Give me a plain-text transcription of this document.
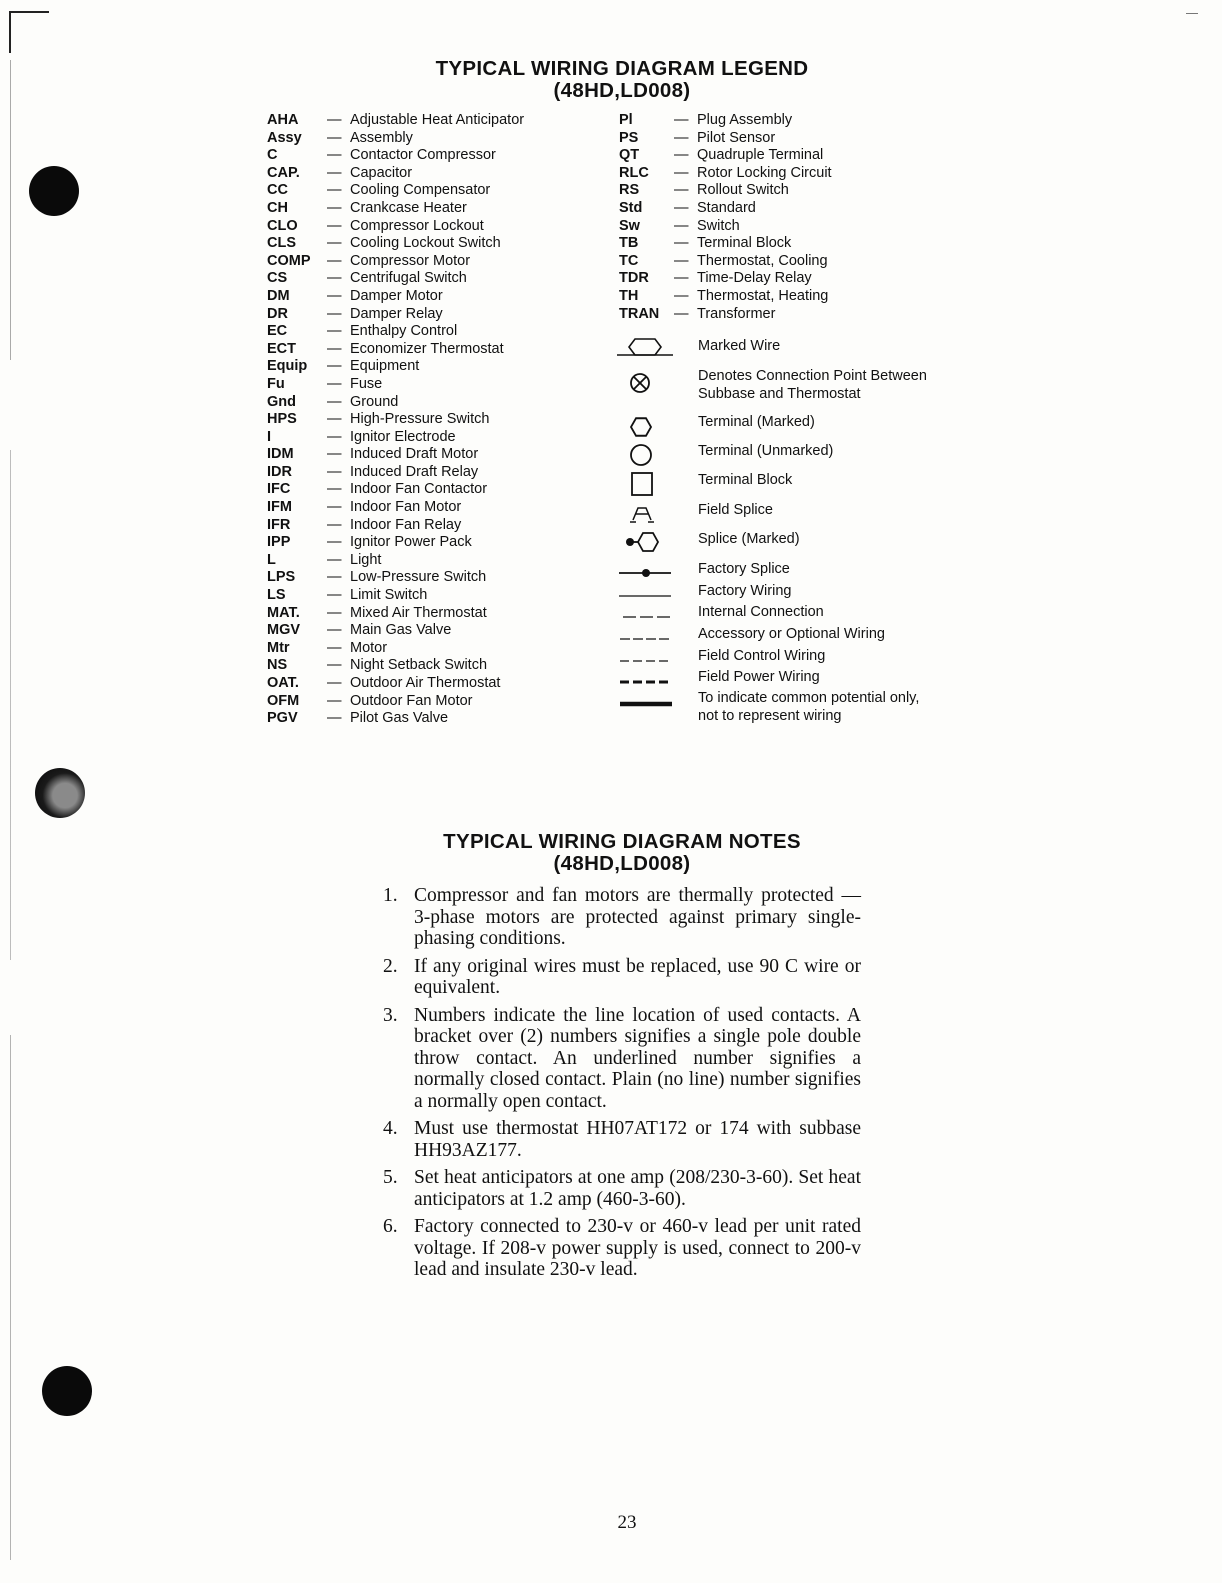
TYPICAL WIRING DIAGRAM LEGEND
(48HD,LD008)
AHA — Adjustable Heat Anticipator
Assy — Assembly
C	— Contactor Compressor
CAP. — Capacitor
CC	— Cooling Compensator
CH	— Crankcase Heater
CLO — Compressor Lockout
CLS — Cooling Lockout Switch
COMP — Compressor Motor
CS	— Centrifugal Switch
DM	— Damper Motor
DR	— Damper Relay
EC	— Enthalpy Control
ECT — Economizer Thermostat
Equip — Equipment
Fu	— Fuse
Gnd — Ground
HPS — High-Pressure Switch
I	— Ignitor Electrode
IDM — Induced Draft Motor
IDR — Induced Draft Relay
IFC	— Indoor Fan Contactor
IFM — Indoor Fan Motor
IFR	— Indoor Fan Relay
IPP	— Ignitor Power Pack
L	— Light
LPS — Low-Pressure Switch
LS	— Limit Switch
MAT. — Mixed Air Thermostat
MGV — Main Gas Valve
Mtr	— Motor
NS	— Night Setback Switch
OAT. — Outdoor Air Thermostat
OFM — Outdoor Fan Motor
PGV — Pilot Gas Valve
Pl	— Plug Assembly
PS — Pilot Sensor
QT — Quadruple Terminal
RLC — Rotor Locking Circuit
RS — Rollout Switch
Std — Standard
Sw — Switch
TB — Terminal Block
TC — Thermostat, Cooling
TDR — Time-Delay Relay
TH — Thermostat, Heating
TRAN — Transformer
Marked Wire
Denotes Connection Point Between
Subbase and Thermostat
Terminal (Marked)
Terminal (Unmarked)
Terminal Block
Field Splice
Splice (Marked)
Factory Splice
Factory Wiring
Internal Connection
Accessory or Optional Wiring
Field Control Wiring
Field Power Wiring
To indicate common potential only,
not to represent wiring
TYPICAL WIRING DIAGRAM NOTES
(48HD,LD008)
1. Compressor and fan motors are thermally protected — 3-phase motors are protected against primary single-phasing conditions.
2. If any original wires must be replaced, use 90 C wire or equivalent.
3. Numbers indicate the line location of used contacts. A bracket over (2) numbers signifies a single pole double throw contact. An underlined number signifies a normally closed contact. Plain (no line) number signifies a normally open contact.
4. Must use thermostat HH07AT172 or 174 with subbase HH93AZ177.
5. Set heat anticipators at one amp (208/230-3-60). Set heat anticipators at 1.2 amp (460-3-60).
6. Factory connected to 230-v or 460-v lead per unit rated voltage. If 208-v power supply is used, connect to 200-v lead and insulate 230-v lead.
23
